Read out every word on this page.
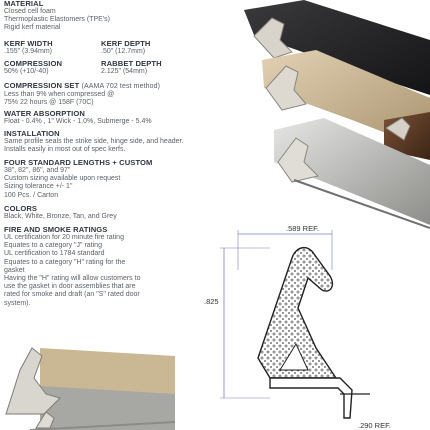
MATERIAL
Closed cell foam
Thermoplastic Elastomers (TPE's)
Rigid kerf material
KERF WIDTH
.155" (3.94mm)
KERF DEPTH
.50" (12.7mm)
COMPRESSION
50% (+10/-40)
RABBET DEPTH
2.125" (54mm)
COMPRESSION SET (AAMA 702 test method)
Less than 9% when compressed @
75% 22 hours @ 158F (70C)
WATER ABSORPTION
Float - 0.4% , 1" Wick - 1.0%, Submerge - 5.4%
INSTALLATION
Same profile seals the strike side, hinge side, and header.
Installs easily in most out of spec kerfs.
FOUR STANDARD LENGTHS + CUSTOM
38", 82", 86", and 97"
Custom sizing available upon request
Sizing tolerance +/- 1"
100 Pcs. / Carton
COLORS
Black, White, Bronze, Tan, and Grey
FIRE AND SMOKE RATINGS
UL certification for 20 minute fire rating
Equates to a category "J" rating
UL certification to 1784 standard
Equates to a category "H" rating for the
gasket
Having the "H" rating will allow customers to
use the gasket in door assemblies that are
rated for smoke and draft (an "S" rated door
system).
.589 REF.
.825
.290 REF.
